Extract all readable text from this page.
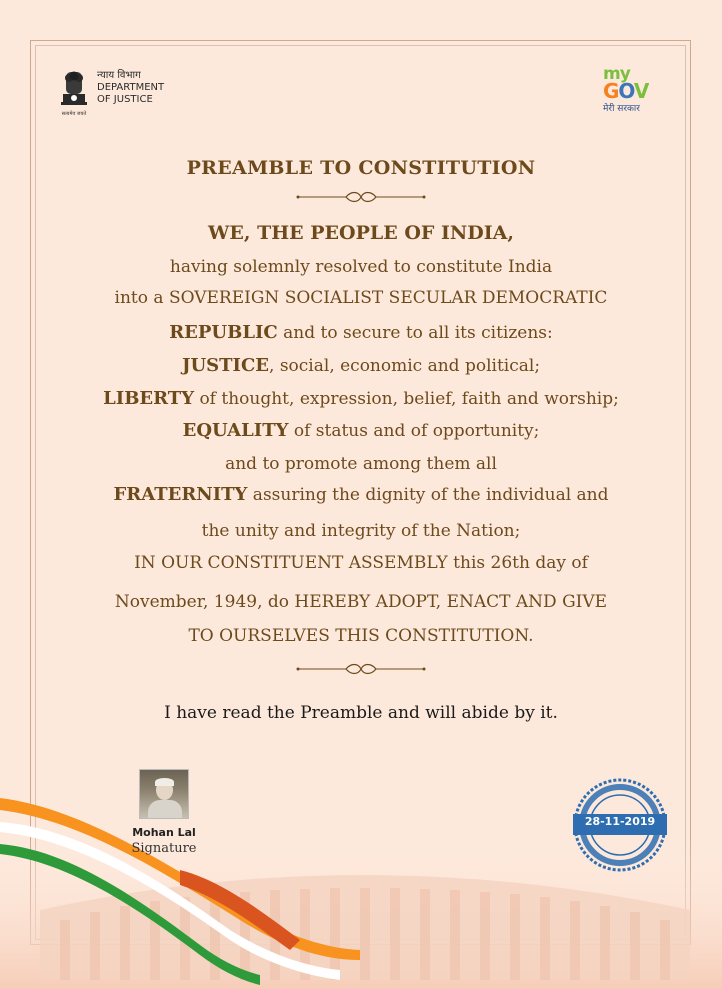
न्याय विभाग
DEPARTMENT
OF JUSTICE
सत्यमेव जयते
my
GOV
मेरी सरकार
PREAMBLE TO CONSTITUTION
WE, THE PEOPLE OF INDIA,
having solemnly resolved to constitute India
into a SOVEREIGN SOCIALIST SECULAR DEMOCRATIC
REPUBLIC and to secure to all its citizens:
JUSTICE, social, economic and political;
LIBERTY of thought, expression, belief, faith and worship;
EQUALITY of status and of opportunity;
and to promote among them all
FRATERNITY assuring the dignity of the individual and
the unity and integrity of the Nation;
IN OUR CONSTITUENT ASSEMBLY this 26th day of
November, 1949, do HEREBY ADOPT, ENACT AND GIVE
TO OURSELVES THIS CONSTITUTION.
I have read the Preamble and will abide by it.
Mohan Lal
Signature
28-11-2019
